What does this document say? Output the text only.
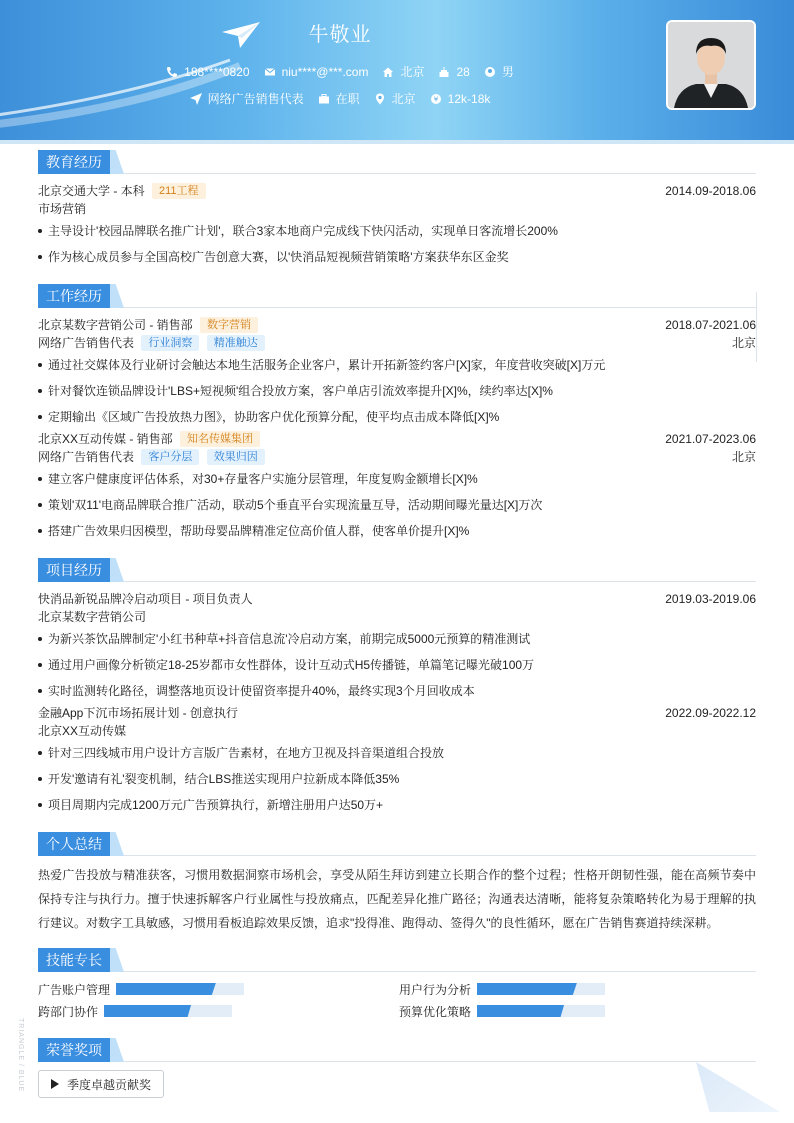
牛敬业
188****0820	niu****@***.com	北京	28	男
网络广告销售代表	在职	北京	¥ 12k-18k
教育经历
北京交通大学 - 本科 211工程	2014.09-2018.06
市场营销
主导设计'校园品牌联名推广计划'，联合3家本地商户完成线下快闪活动，实现单日客流增长200%
作为核心成员参与全国高校广告创意大赛，以'快消品短视频营销策略'方案获华东区金奖
工作经历
北京某数字营销公司 - 销售部 数字营销	2018.07-2021.06
网络广告销售代表 行业洞察 精准触达	北京
通过社交媒体及行业研讨会触达本地生活服务企业客户，累计开拓新签约客户[X]家，年度营收突破[X]万元
针对餐饮连锁品牌设计'LBS+短视频'组合投放方案，客户单店引流效率提升[X]%，续约率达[X]%
定期输出《区域广告投放热力图》，协助客户优化预算分配，使平均点击成本降低[X]%
北京XX互动传媒 - 销售部 知名传媒集团	2021.07-2023.06
网络广告销售代表 客户分层 效果归因	北京
建立客户健康度评估体系，对30+存量客户实施分层管理，年度复购金额增长[X]%
策划'双11'电商品牌联合推广活动，联动5个垂直平台实现流量互导，活动期间曝光量达[X]万次
搭建广告效果归因模型，帮助母婴品牌精准定位高价值人群，使客单价提升[X]%
项目经历
快消品新锐品牌冷启动项目 - 项目负责人	2019.03-2019.06
北京某数字营销公司
为新兴茶饮品牌制定'小红书种草+抖音信息流'冷启动方案，前期完成5000元预算的精准测试
通过用户画像分析锁定18-25岁都市女性群体，设计互动式H5传播链，单篇笔记曝光破100万
实时监测转化路径，调整落地页设计使留资率提升40%，最终实现3个月回收成本
金融App下沉市场拓展计划 - 创意执行	2022.09-2022.12
北京XX互动传媒
针对三四线城市用户设计方言版广告素材，在地方卫视及抖音渠道组合投放
开发'邀请有礼'裂变机制，结合LBS推送实现用户拉新成本降低35%
项目周期内完成1200万元广告预算执行，新增注册用户达50万+
个人总结
热爱广告投放与精准获客，习惯用数据洞察市场机会，享受从陌生拜访到建立长期合作的整个过程；性格开朗韧性强，能在高频节奏中保持专注与执行力。擅于快速拆解客户行业属性与投放痛点，匹配差异化推广路径；沟通表达清晰，能将复杂策略转化为易于理解的执行建议。对数字工具敏感，习惯用看板追踪效果反馈，追求"投得准、跑得动、签得久"的良性循环，愿在广告销售赛道持续深耕。
技能专长
广告账户管理	用户行为分析
跨部门协作	预算优化策略
荣誉奖项
季度卓越贡献奖
TRIANGLE / BLUE
